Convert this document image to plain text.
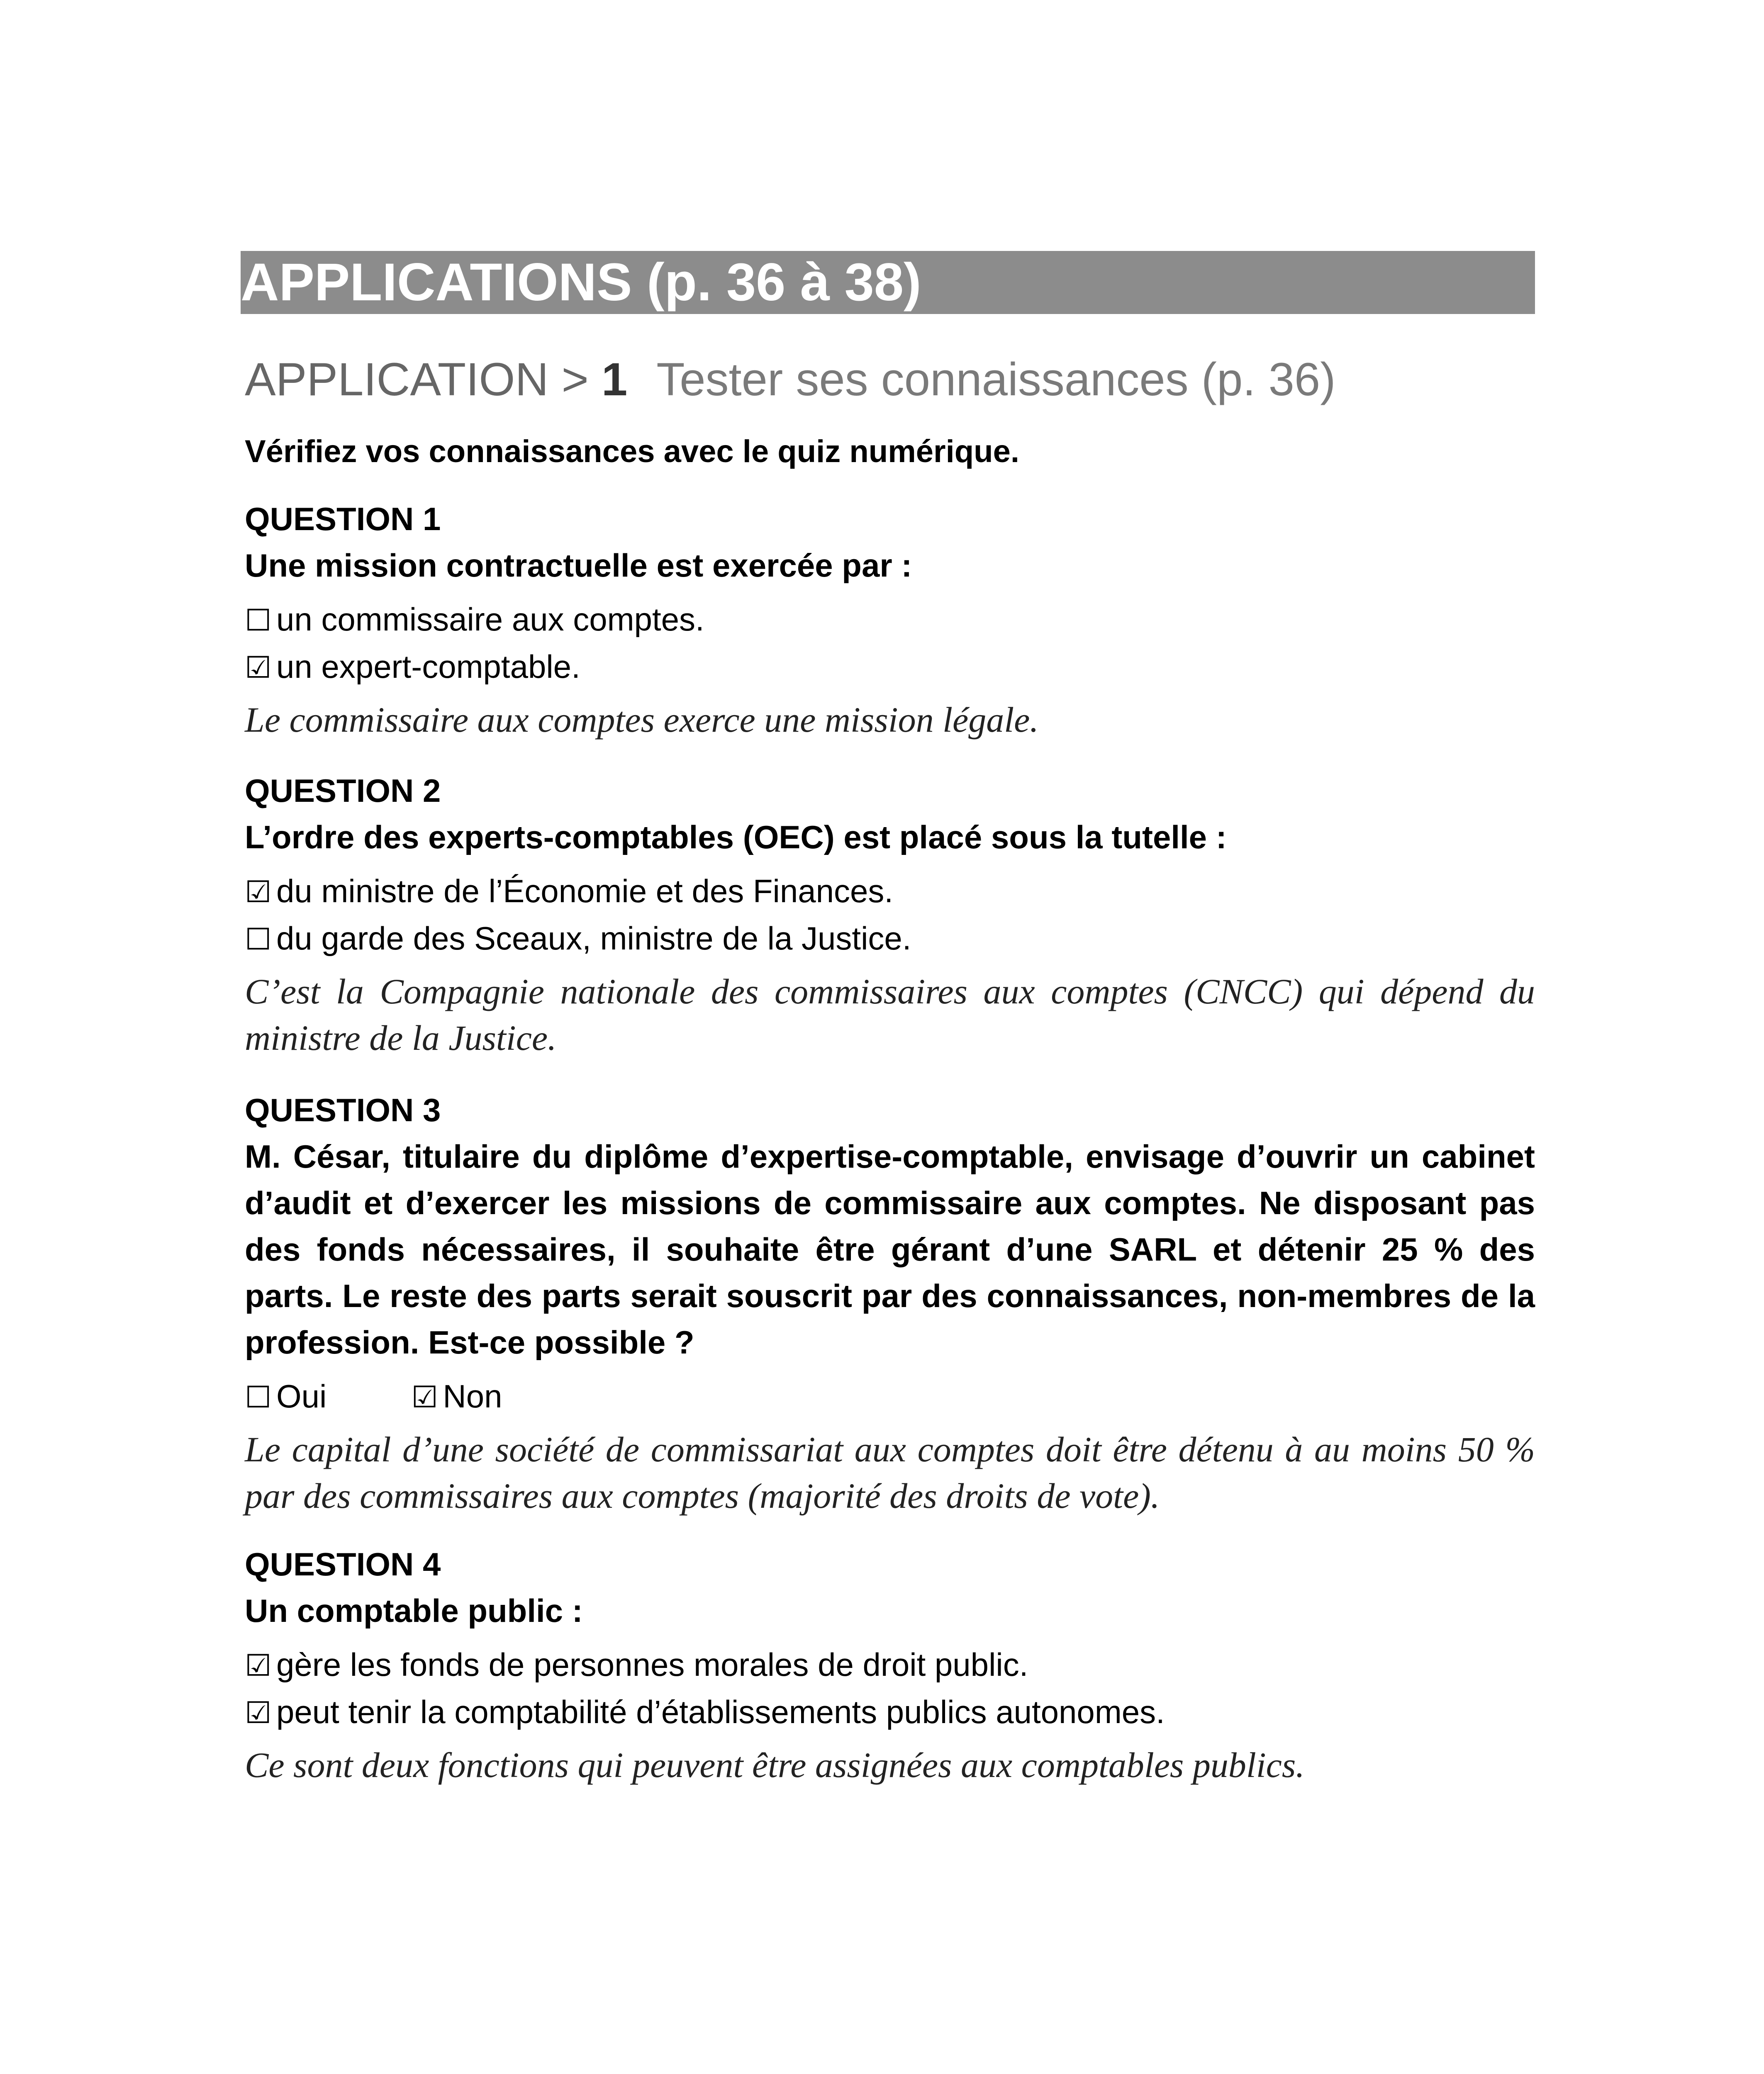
APPLICATIONS (p. 36 à 38)
APPLICATION > 1 Tester ses connaissances (p. 36)
Vérifiez vos connaissances avec le quiz numérique.
QUESTION 1
Une mission contractuelle est exercée par :
☐ un commissaire aux comptes.
☑ un expert-comptable.
Le commissaire aux comptes exerce une mission légale.
QUESTION 2
L’ordre des experts-comptables (OEC) est placé sous la tutelle :
☑ du ministre de l’Économie et des Finances.
☐ du garde des Sceaux, ministre de la Justice.
C’est la Compagnie nationale des commissaires aux comptes (CNCC) qui dépend du ministre de la Justice.
QUESTION 3
M. César, titulaire du diplôme d’expertise-comptable, envisage d’ouvrir un cabinet d’audit et d’exercer les missions de commissaire aux comptes. Ne disposant pas des fonds nécessaires, il souhaite être gérant d’une SARL et détenir 25 % des parts. Le reste des parts serait souscrit par des connaissances, non-membres de la profession. Est-ce possible ?
☐ Oui	☑ Non
Le capital d’une société de commissariat aux comptes doit être détenu à au moins 50 % par des commissaires aux comptes (majorité des droits de vote).
QUESTION 4
Un comptable public :
☑ gère les fonds de personnes morales de droit public.
☑ peut tenir la comptabilité d’établissements publics autonomes.
Ce sont deux fonctions qui peuvent être assignées aux comptables publics.
